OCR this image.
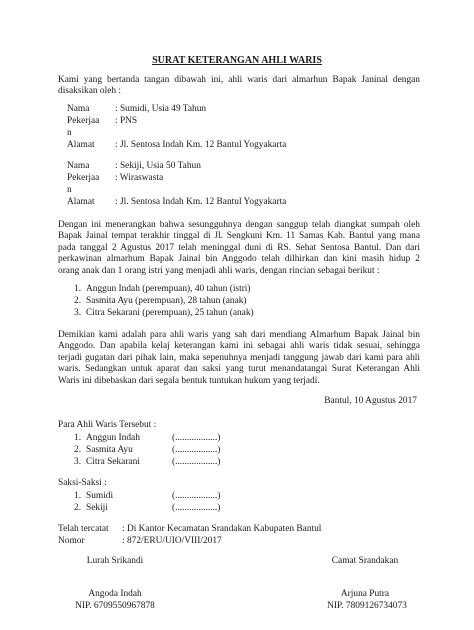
SURAT KETERANGAN AHLI WARIS

Kami yang bertanda tangan dibawah ini, ahli waris dari almarhun Bapak Janinal dengan
disaksikan oleh :

Nama	: Sumidi, Usia 49 Tahun

Pekerjaa : PNS

n

Alamat : Jl. Sentosa Indah Km. 12 Bantul Yogyakarta

Nama	: Sekiji, Usia 50 Tahun

Pekerjaa : Wiraswasta

n

Alamat : Jl. Sentosa Indah Km. 12 Bantul Yogyakarta

Dengan ini menerangkan bahwa sesungguhnya dengan sanggup telah diangkat sumpah oleh
Bapak Jainal tempat terakhir tinggal di Jl. Sengkuni Km. 11 Samas Kab. Bantul yang mana
pada tanggal 2 Agustus 2017 telah meninggal duni di RS. Sehat Sentosa Bantul. Dan dari
perkawinan almarhum Bapak Jainal bin Anggodo telah dilhirkan dan kini masih hidup 2
orang anak dan 1 orang istri yang menjadi ahli waris, dengan rincian sebagai berikut :

1. Anggun Indah (perempuan), 40 tahun (istri)

2. Sasmita Ayu (perempuan), 28 tahun (anak)

3. Citra Sekarani (perempuan), 25 tahun (anak)

Demikian kami adalah para ahli waris yang sah dari mendiang Almarhum Bapak Jainal bin
Anggodo. Dan apabila kelaj keterangan kami ini sebagai ahli waris tidak sesuai, sehingga
terjadi gugatan dari pihak lain, maka sepenuhnya menjadi tanggung jawab dari kami para ahli
waris. Sedangkan untuk aparat dan saksi yang turut menandatangai Surat Keterangan Ahli
Waris ini dibebaskan dari segala bentuk tuntukan hukum yang terjadi.

Bantul, 10 Agustus 2017

Para Ahli Waris Tersebut :

1. Anggun Indah	(..................)

2. Sasmita Ayu	(..................)

3. Citra Sekarani	(..................)

Saksi-Saksi :

1. Sumidi	(..................)

2. Sekiji	(..................)

Telah tercatat : Di Kantor Kecamatan Srandakan Kabupaten Bantul

Nomor	: 872/ERU/UIO/VIII/2017

Lurah Srikandi	Camat Srandakan

Angoda Indah	Arjuna Putra

NIP. 6709550967878	NIP. 7809126734073
